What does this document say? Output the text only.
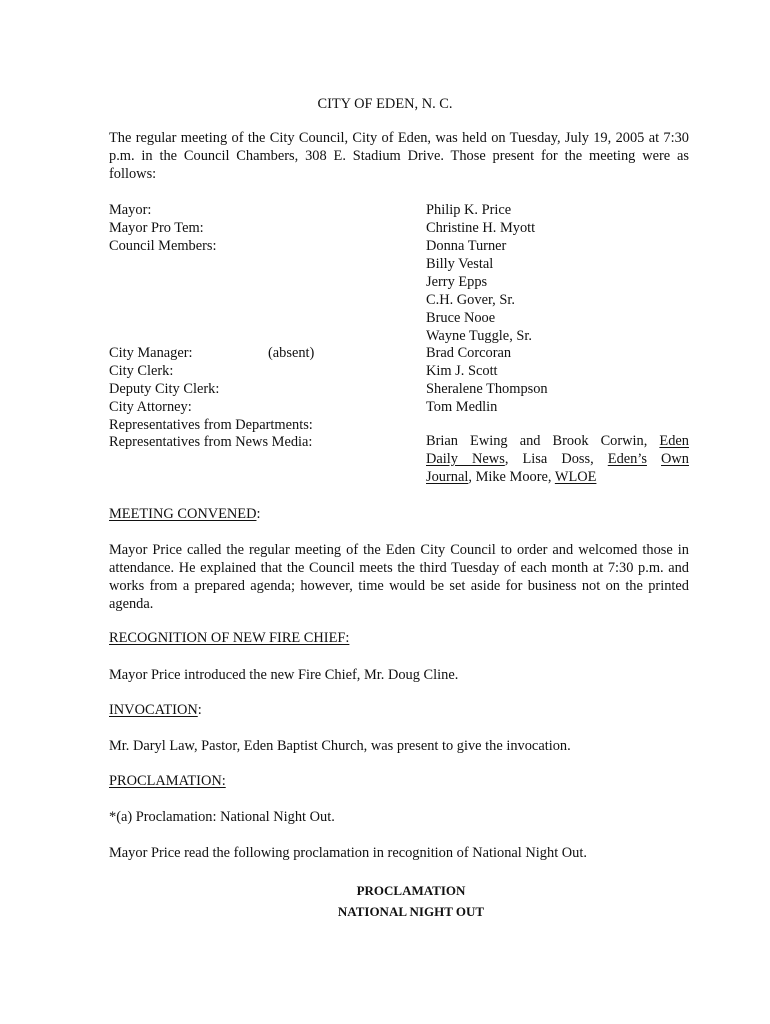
CITY OF EDEN, N. C.
The regular meeting of the City Council, City of Eden, was held on Tuesday, July 19, 2005 at 7:30 p.m. in the Council Chambers, 308 E. Stadium Drive. Those present for the meeting were as follows:
Mayor:
Mayor Pro Tem:
Council Members:
City Manager:	(absent)
City Clerk:
Deputy City Clerk:
City Attorney:
Representatives from Departments:
Representatives from News Media:
Philip K. Price
Christine H. Myott
Donna Turner
Billy Vestal
Jerry Epps
C.H. Gover, Sr.
Bruce Nooe
Wayne Tuggle, Sr.
Brad Corcoran
Kim J. Scott
Sheralene Thompson
Tom Medlin
Brian Ewing and Brook Corwin, Eden
Daily News, Lisa Doss, Eden’s Own
Journal, Mike Moore, WLOE
MEETING CONVENED:
Mayor Price called the regular meeting of the Eden City Council to order and welcomed those in attendance. He explained that the Council meets the third Tuesday of each month at 7:30 p.m. and works from a prepared agenda; however, time would be set aside for business not on the printed agenda.
RECOGNITION OF NEW FIRE CHIEF:
Mayor Price introduced the new Fire Chief, Mr. Doug Cline.
INVOCATION:
Mr. Daryl Law, Pastor, Eden Baptist Church, was present to give the invocation.
PROCLAMATION:
*(a) Proclamation: National Night Out.
Mayor Price read the following proclamation in recognition of National Night Out.
PROCLAMATION
NATIONAL NIGHT OUT
